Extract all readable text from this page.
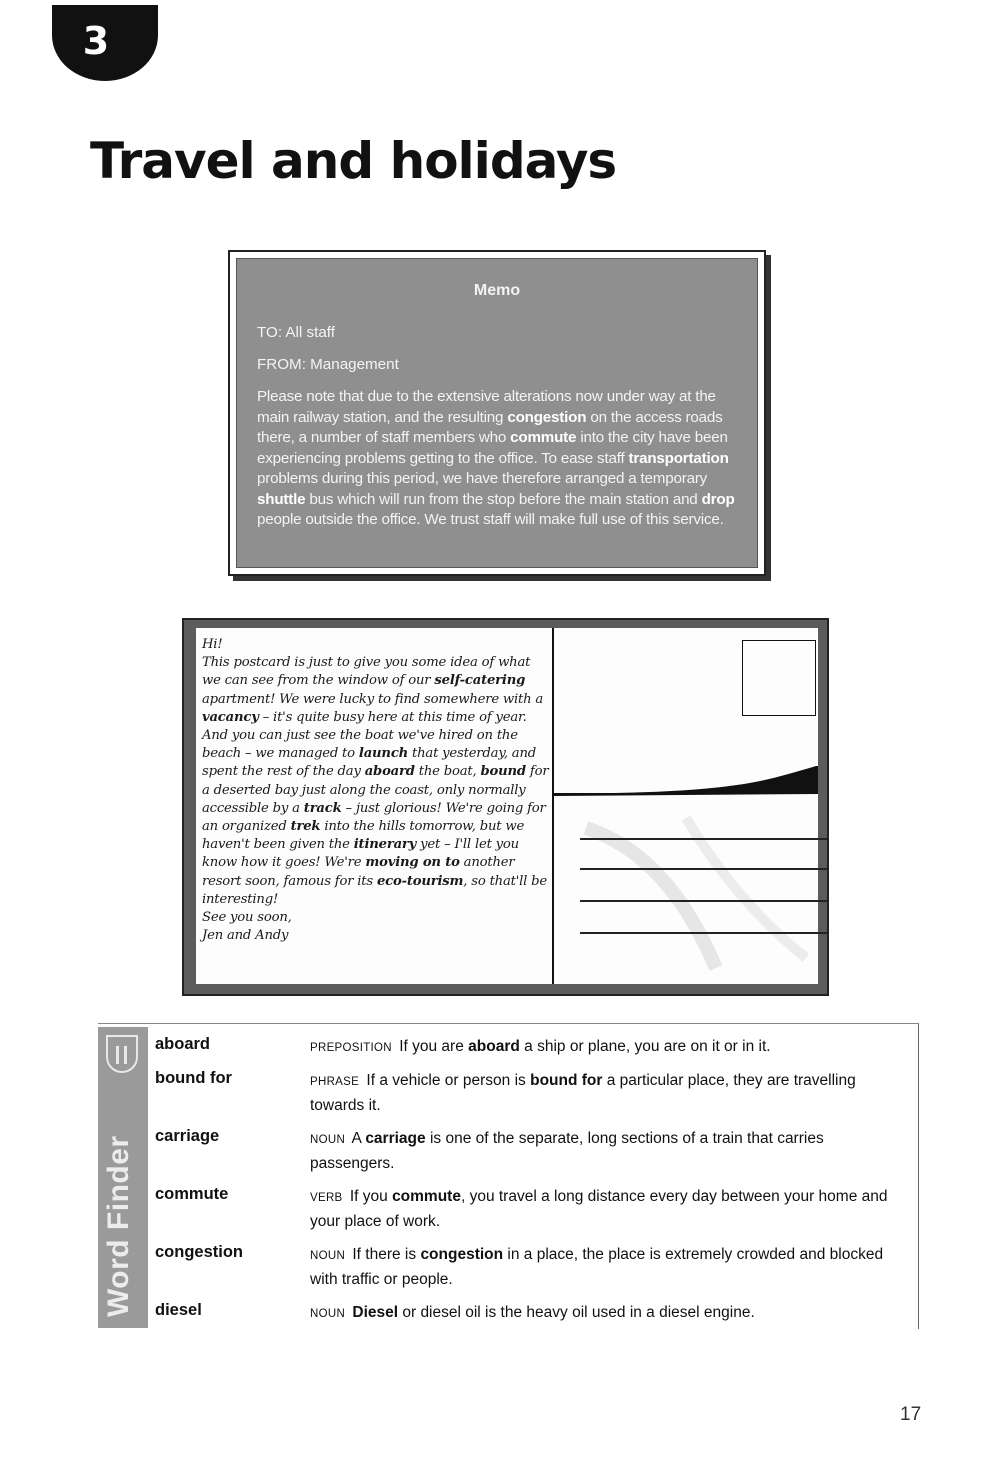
3
Travel and holidays
Memo
TO: All staff
FROM: Management
Please note that due to the extensive alterations now under way at the main railway station, and the resulting congestion on the access roads there, a number of staff members who commute into the city have been experiencing problems getting to the office. To ease staff transportation problems during this period, we have therefore arranged a temporary shuttle bus which will run from the stop before the main station and drop people outside the office. We trust staff will make full use of this service.
Hi!
This postcard is just to give you some idea of what we can see from the window of our self-catering apartment! We were lucky to find somewhere with a vacancy – it's quite busy here at this time of year. And you can just see the boat we've hired on the beach – we managed to launch that yesterday, and spent the rest of the day aboard the boat, bound for a deserted bay just along the coast, only normally accessible by a track – just glorious! We're going for an organized trek into the hills tomorrow, but we haven't been given the itinerary yet – I'll let you know how it goes! We're moving on to another resort soon, famous for its eco-tourism, so that'll be interesting!
See you soon,
Jen and Andy
Word Finder
aboard	PREPOSITION If you are aboard a ship or plane, you are on it or in it.
bound for	PHRASE If a vehicle or person is bound for a particular place, they are travelling towards it.
carriage	NOUN A carriage is one of the separate, long sections of a train that carries passengers.
commute	VERB If you commute, you travel a long distance every day between your home and your place of work.
congestion	NOUN If there is congestion in a place, the place is extremely crowded and blocked with traffic or people.
diesel	NOUN Diesel or diesel oil is the heavy oil used in a diesel engine.
17
